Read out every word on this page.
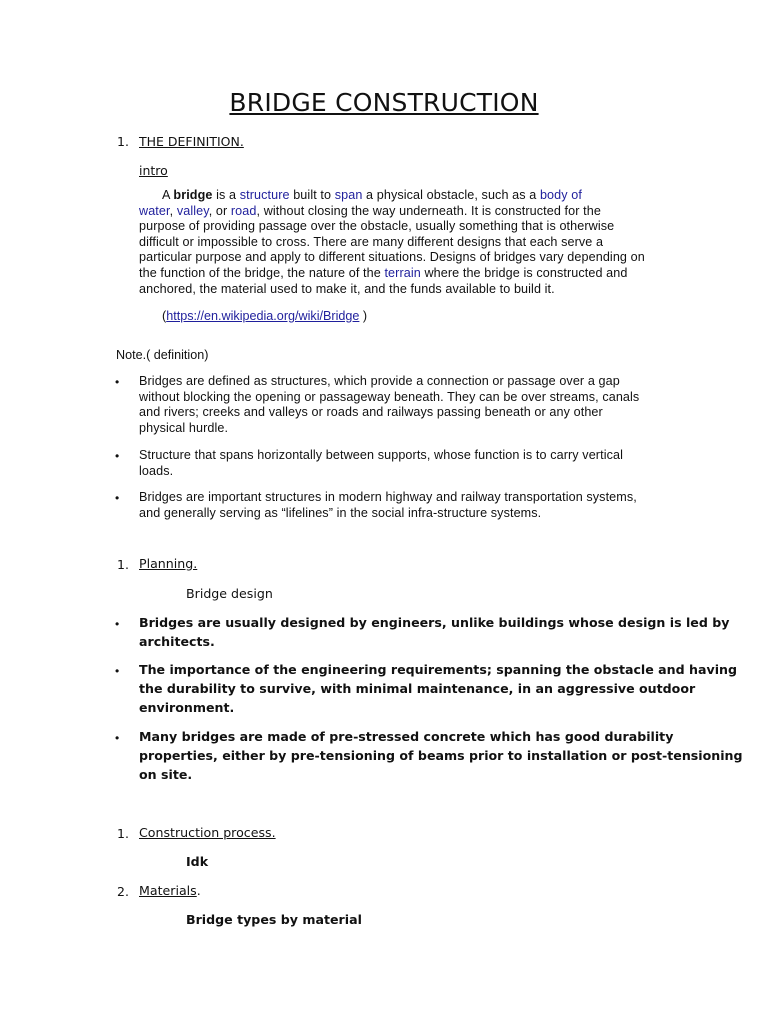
BRIDGE CONSTRUCTION
1. THE DEFINITION.
intro
A bridge is a structure built to span a physical obstacle, such as a body of
water, valley, or road, without closing the way underneath. It is constructed for the
purpose of providing passage over the obstacle, usually something that is otherwise
difficult or impossible to cross. There are many different designs that each serve a
particular purpose and apply to different situations. Designs of bridges vary depending on
the function of the bridge, the nature of the terrain where the bridge is constructed and
anchored, the material used to make it, and the funds available to build it.
(https://en.wikipedia.org/wiki/Bridge )
Note.( definition)
• Bridges are defined as structures, which provide a connection or passage over a gap
without blocking the opening or passageway beneath. They can be over streams, canals
and rivers; creeks and valleys or roads and railways passing beneath or any other
physical hurdle.
• Structure that spans horizontally between supports, whose function is to carry vertical
loads.
• Bridges are important structures in modern highway and railway transportation systems,
and generally serving as “lifelines” in the social infra-structure systems.
1. Planning.
Bridge design
• Bridges are usually designed by engineers, unlike buildings whose design is led by
architects.
• The importance of the engineering requirements; spanning the obstacle and having
the durability to survive, with minimal maintenance, in an aggressive outdoor
environment.
• Many bridges are made of pre-stressed concrete which has good durability
properties, either by pre-tensioning of beams prior to installation or post-tensioning
on site.
1. Construction process.
Idk
2. Materials.
Bridge types by material
